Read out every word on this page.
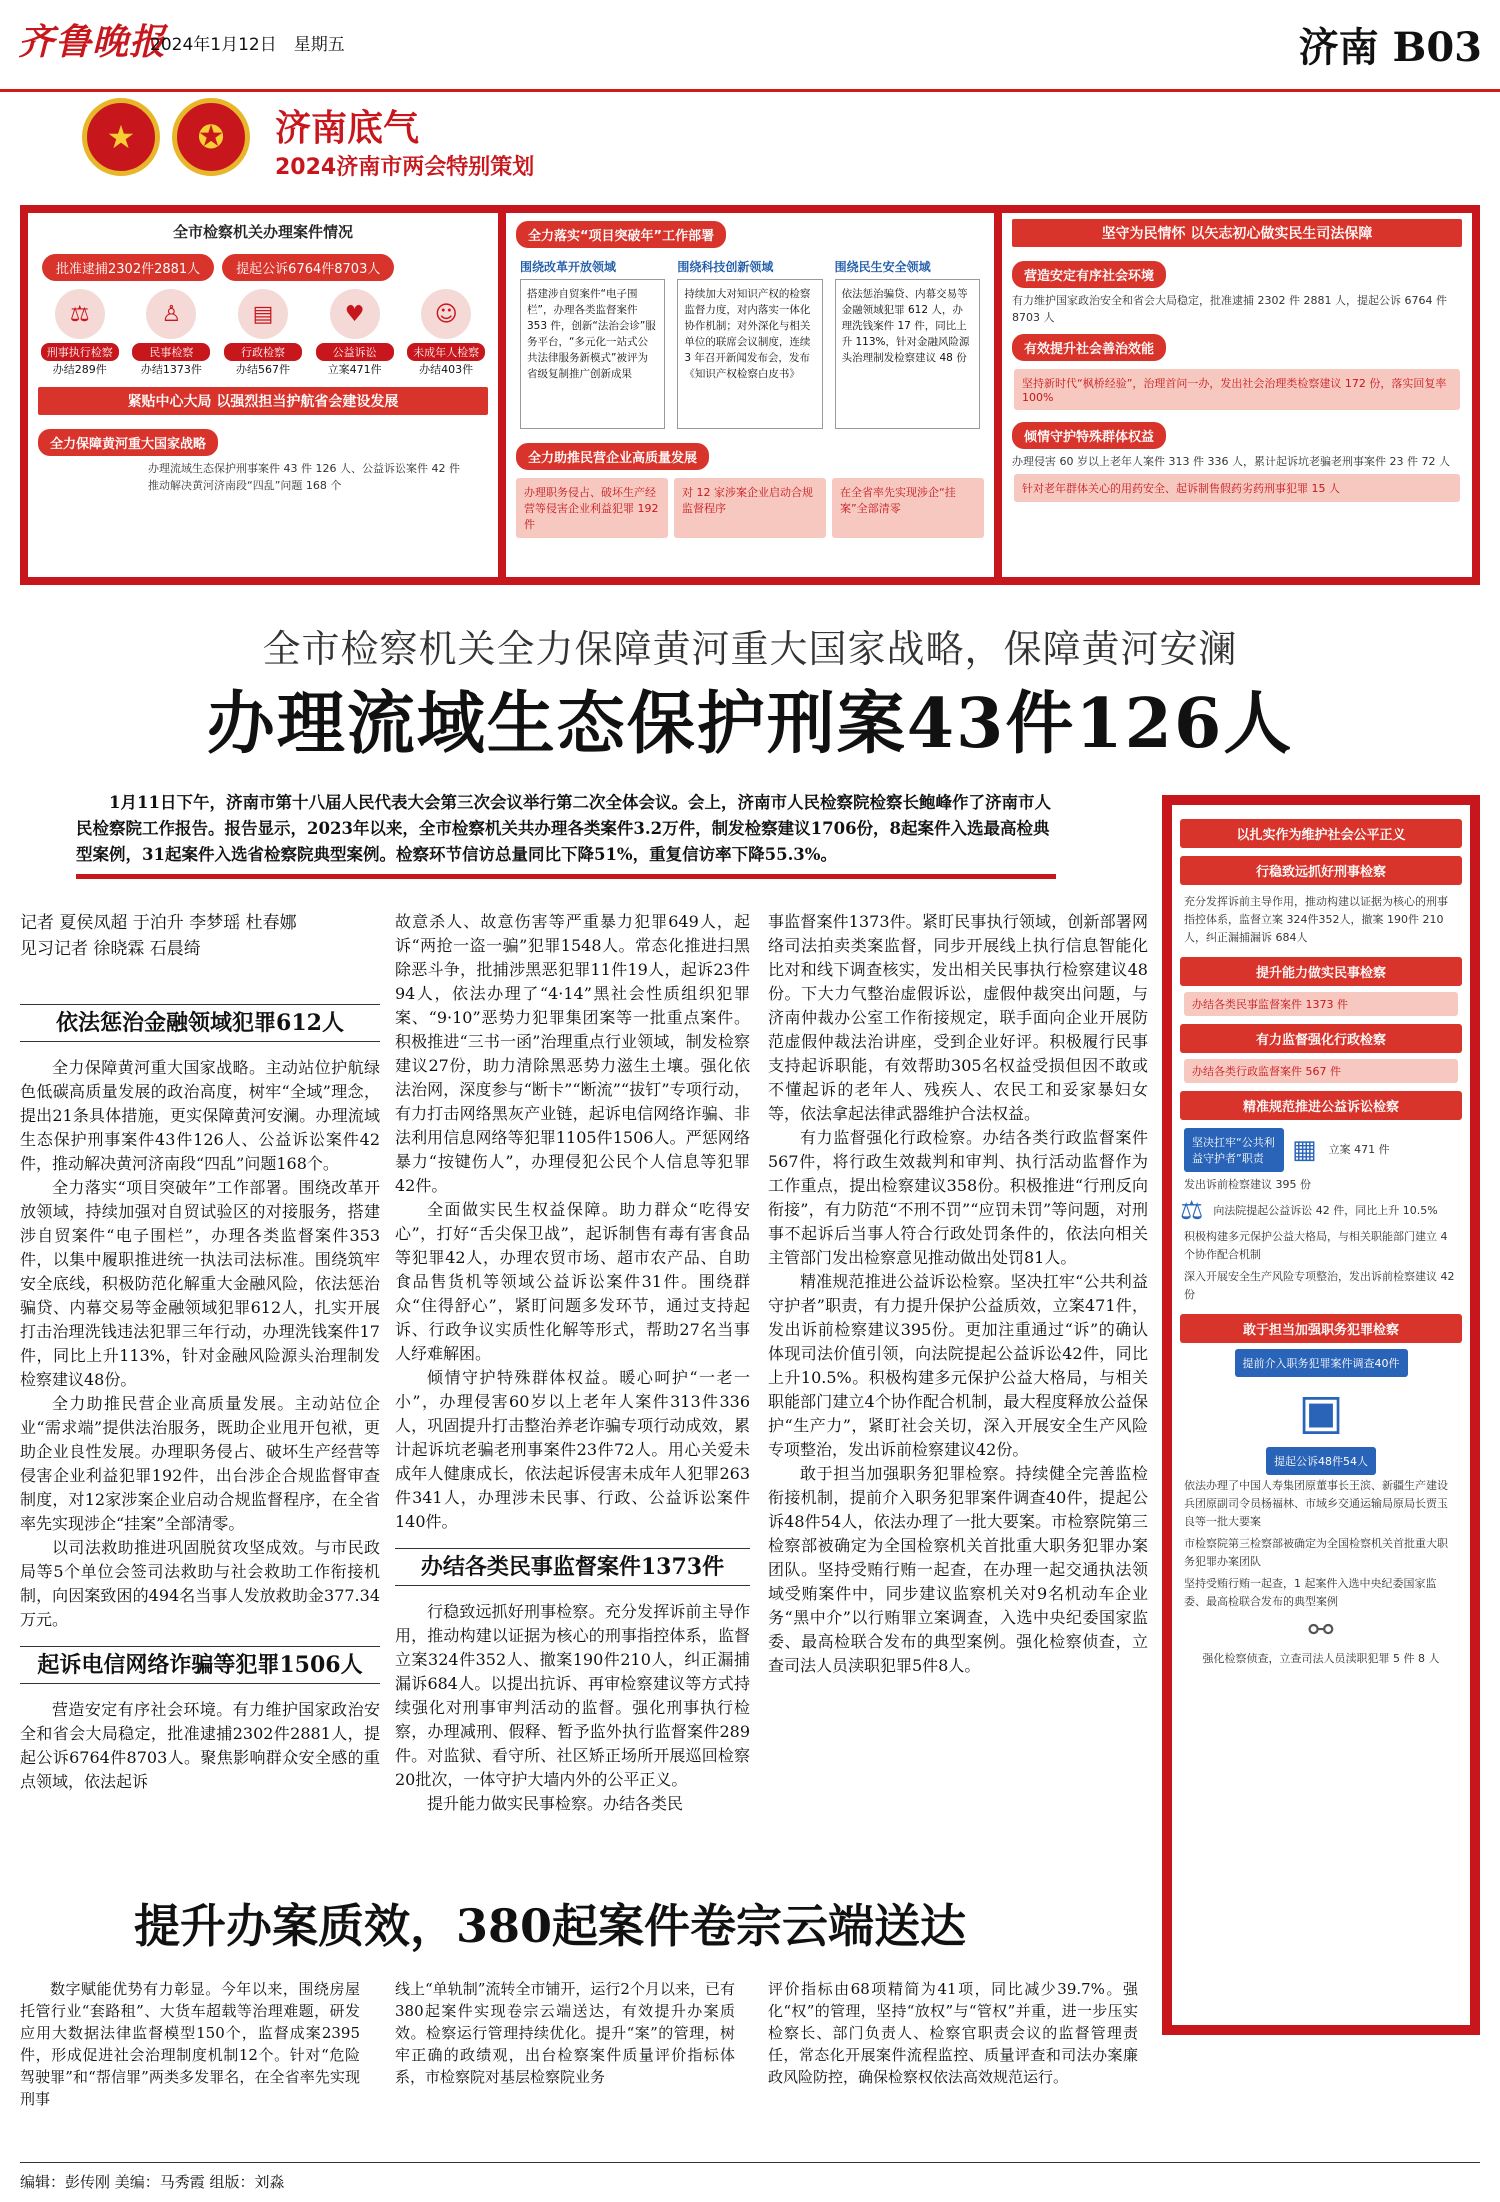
齐鲁晚报
2024年1月12日　 星期五	济南 B03
★ ✪ 济南底气
2024济南市两会特别策划
全市检察机关办理案件情况
批准逮捕2302件2881人	提起公诉6764件8703人
⚖
刑事执行检察
办结289件
♙
民事检察
办结1373件
▤
行政检察
办结567件
♥
公益诉讼
立案471件
☺
未成年人检察
办结403件
紧贴中心大局 以强烈担当护航省会建设发展
全力保障黄河重大国家战略
办理流域生态保护刑事案件 43 件 126 人、公益诉讼案件 42 件
推动解决黄河济南段“四乱”问题 168 个
全力落实“项目突破年”工作部署
围绕改革开放领域
搭建涉自贸案件“电子围栏”，办理各类监督案件 353 件，创新“法治会诊”服务平台，“多元化一站式公共法律服务新模式”被评为省级复制推广创新成果
围绕科技创新领域
持续加大对知识产权的检察监督力度，对内落实一体化协作机制；对外深化与相关单位的联席会议制度，连续 3 年召开新闻发布会，发布《知识产权检察白皮书》
围绕民生安全领域
依法惩治骗贷、内幕交易等金融领域犯罪 612 人，办理洗钱案件 17 件，同比上升 113%，针对金融风险源头治理制发检察建议 48 份
全力助推民营企业高质量发展
办理职务侵占、破坏生产经营等侵害企业利益犯罪 192 件
对 12 家涉案企业启动合规监督程序
在全省率先实现涉企“挂案”全部清零
坚守为民情怀 以矢志初心做实民生司法保障
营造安定有序社会环境
有力维护国家政治安全和省会大局稳定，批准逮捕 2302 件 2881 人，提起公诉 6764 件 8703 人
有效提升社会善治效能
坚持新时代“枫桥经验”，治理首问一办，发出社会治理类检察建议 172 份，落实回复率 100%
倾情守护特殊群体权益
办理侵害 60 岁以上老年人案件 313 件 336 人，累计起诉坑老骗老刑事案件 23 件 72 人
针对老年群体关心的用药安全、起诉制售假药劣药刑事犯罪 15 人
全市检察机关全力保障黄河重大国家战略，保障黄河安澜
办理流域生态保护刑案43件126人
1月11日下午，济南市第十八届人民代表大会第三次会议举行第二次全体会议。会上，济南市人民检察院检察长鲍峰作了济南市人民检察院工作报告。报告显示，2023年以来，全市检察机关共办理各类案件3.2万件，制发检察建议1706份，8起案件入选最高检典型案例，31起案件入选省检察院典型案例。检察环节信访总量同比下降51%，重复信访率下降55.3%。
记者 夏侯凤超 于泊升 李梦瑶 杜春娜
见习记者 徐晓霖 石晨绮
依法惩治金融领域犯罪612人

全力保障黄河重大国家战略。主动站位护航绿色低碳高质量发展的政治高度，树牢“全域”理念，提出21条具体措施，更实保障黄河安澜。办理流域生态保护刑事案件43件126人、公益诉讼案件42件，推动解决黄河济南段“四乱”问题168个。

全力落实“项目突破年”工作部署。围绕改革开放领域，持续加强对自贸试验区的对接服务，搭建涉自贸案件“电子围栏”，办理各类监督案件353件，以集中履职推进统一执法司法标准。围绕筑牢安全底线，积极防范化解重大金融风险，依法惩治骗贷、内幕交易等金融领域犯罪612人，扎实开展打击治理洗钱违法犯罪三年行动，办理洗钱案件17件，同比上升113%，针对金融风险源头治理制发检察建议48份。

全力助推民营企业高质量发展。主动站位企业“需求端”提供法治服务，既助企业甩开包袱，更助企业良性发展。办理职务侵占、破坏生产经营等侵害企业利益犯罪192件，出台涉企合规监督审查制度，对12家涉案企业启动合规监督程序，在全省率先实现涉企“挂案”全部清零。

以司法救助推进巩固脱贫攻坚成效。与市民政局等5个单位会签司法救助与社会救助工作衔接机制，向因案致困的494名当事人发放救助金377.34万元。

起诉电信网络诈骗等犯罪1506人

营造安定有序社会环境。有力维护国家政治安全和省会大局稳定，批准逮捕2302件2881人，提起公诉6764件8703人。聚焦影响群众安全感的重点领域，依法起诉

故意杀人、故意伤害等严重暴力犯罪649人，起诉“两抢一盗一骗”犯罪1548人。常态化推进扫黑除恶斗争，批捕涉黑恶犯罪11件19人，起诉23件94人，依法办理了“4·14”黑社会性质组织犯罪案、“9·10”恶势力犯罪集团案等一批重点案件。积极推进“三书一函”治理重点行业领域，制发检察建议27份，助力清除黑恶势力滋生土壤。强化依法治网，深度参与“断卡”“断流”“拔钉”专项行动，有力打击网络黑灰产业链，起诉电信网络诈骗、非法利用信息网络等犯罪1105件1506人。严惩网络暴力“按键伤人”，办理侵犯公民个人信息等犯罪42件。

全面做实民生权益保障。助力群众“吃得安心”，打好“舌尖保卫战”，起诉制售有毒有害食品等犯罪42人，办理农贸市场、超市农产品、自助食品售货机等领域公益诉讼案件31件。围绕群众“住得舒心”，紧盯问题多发环节，通过支持起诉、行政争议实质性化解等形式，帮助27名当事人纾难解困。

倾情守护特殊群体权益。暖心呵护“一老一小”，办理侵害60岁以上老年人案件313件336人，巩固提升打击整治养老诈骗专项行动成效，累计起诉坑老骗老刑事案件23件72人。用心关爱未成年人健康成长，依法起诉侵害未成年人犯罪263件341人，办理涉未民事、行政、公益诉讼案件140件。

办结各类民事监督案件1373件

行稳致远抓好刑事检察。充分发挥诉前主导作用，推动构建以证据为核心的刑事指控体系，监督立案324件352人、撤案190件210人，纠正漏捕漏诉684人。以提出抗诉、再审检察建议等方式持续强化对刑事审判活动的监督。强化刑事执行检察，办理减刑、假释、暂予监外执行监督案件289件。对监狱、看守所、社区矫正场所开展巡回检察20批次，一体守护大墙内外的公平正义。

提升能力做实民事检察。办结各类民

事监督案件1373件。紧盯民事执行领域，创新部署网络司法拍卖类案监督，同步开展线上执行信息智能化比对和线下调查核实，发出相关民事执行检察建议48份。下大力气整治虚假诉讼，虚假仲裁突出问题，与济南仲裁办公室工作衔接规定，联手面向企业开展防范虚假仲裁法治讲座，受到企业好评。积极履行民事支持起诉职能，有效帮助305名权益受损但因不敢或不懂起诉的老年人、残疾人、农民工和妥家暴妇女等，依法拿起法律武器维护合法权益。

有力监督强化行政检察。办结各类行政监督案件567件，将行政生效裁判和审判、执行活动监督作为工作重点，提出检察建议358份。积极推进“行刑反向衔接”，有力防范“不刑不罚”“应罚未罚”等问题，对刑事不起诉后当事人符合行政处罚条件的，依法向相关主管部门发出检察意见推动做出处罚81人。

精准规范推进公益诉讼检察。坚决扛牢“公共利益守护者”职责，有力提升保护公益质效，立案471件，发出诉前检察建议395份。更加注重通过“诉”的确认体现司法价值引领，向法院提起公益诉讼42件，同比上升10.5%。积极构建多元保护公益大格局，与相关职能部门建立4个协作配合机制，最大程度释放公益保护“生产力”，紧盯社会关切，深入开展安全生产风险专项整治，发出诉前检察建议42份。

敢于担当加强职务犯罪检察。持续健全完善监检衔接机制，提前介入职务犯罪案件调查40件，提起公诉48件54人，依法办理了一批大要案。市检察院第三检察部被确定为全国检察机关首批重大职务犯罪办案团队。坚持受贿行贿一起查，在办理一起交通执法领域受贿案件中，同步建议监察机关对9名机动车企业务“黑中介”以行贿罪立案调查，入选中央纪委国家监委、最高检联合发布的典型案例。强化检察侦查，立查司法人员渎职犯罪5件8人。

以扎实作为维护社会公平正义
行稳致远抓好刑事检察
充分发挥诉前主导作用，推动构建以证据为核心的刑事指控体系，监督立案 324件352人，撤案 190件 210人，纠正漏捕漏诉 684人
提升能力做实民事检察
办结各类民事监督案件 1373 件
有力监督强化行政检察
办结各类行政监督案件 567 件
精准规范推进公益诉讼检察
坚决扛牢“公共利益守护者”职责	▦	立案 471 件
发出诉前检察建议 395 份
⚖ 向法院提起公益诉讼 42 件，同比上升 10.5%
积极构建多元保护公益大格局，与相关职能部门建立 4 个协作配合机制
深入开展安全生产风险专项整治，发出诉前检察建议 42 份
敢于担当加强职务犯罪检察
提前介入职务犯罪案件调查40件
▣
提起公诉48件54人
依法办理了中国人寿集团原董事长王滨、新疆生产建设兵团原副司令员杨福林、市域乡交通运输局原局长贾玉良等一批大要案
市检察院第三检察部被确定为全国检察机关首批重大职务犯罪办案团队
坚持受贿行贿一起查，1 起案件入选中央纪委国家监委、最高检联合发布的典型案例
⚯
强化检察侦查，立查司法人员渎职犯罪 5 件 8 人
提升办案质效，380起案件卷宗云端送达
数字赋能优势有力彰显。今年以来，围绕房屋托管行业“套路租”、大货车超载等治理难题，研发应用大数据法律监督模型150个，监督成案2395件，形成促进社会治理制度机制12个。针对“危险驾驶罪”和“帮信罪”两类多发罪名，在全省率先实现刑事
线上“单轨制”流转全市铺开，运行2个月以来，已有380起案件实现卷宗云端送达，有效提升办案质效。检察运行管理持续优化。提升“案”的管理，树牢正确的政绩观，出台检察案件质量评价指标体系，市检察院对基层检察院业务
评价指标由68项精简为41项，同比减少39.7%。强化“权”的管理，坚持“放权”与“管权”并重，进一步压实检察长、部门负责人、检察官职责会议的监督管理责任，常态化开展案件流程监控、质量评查和司法办案廉政风险防控，确保检察权依法高效规范运行。
编辑：彭传刚 美编：马秀霞 组版：刘淼
